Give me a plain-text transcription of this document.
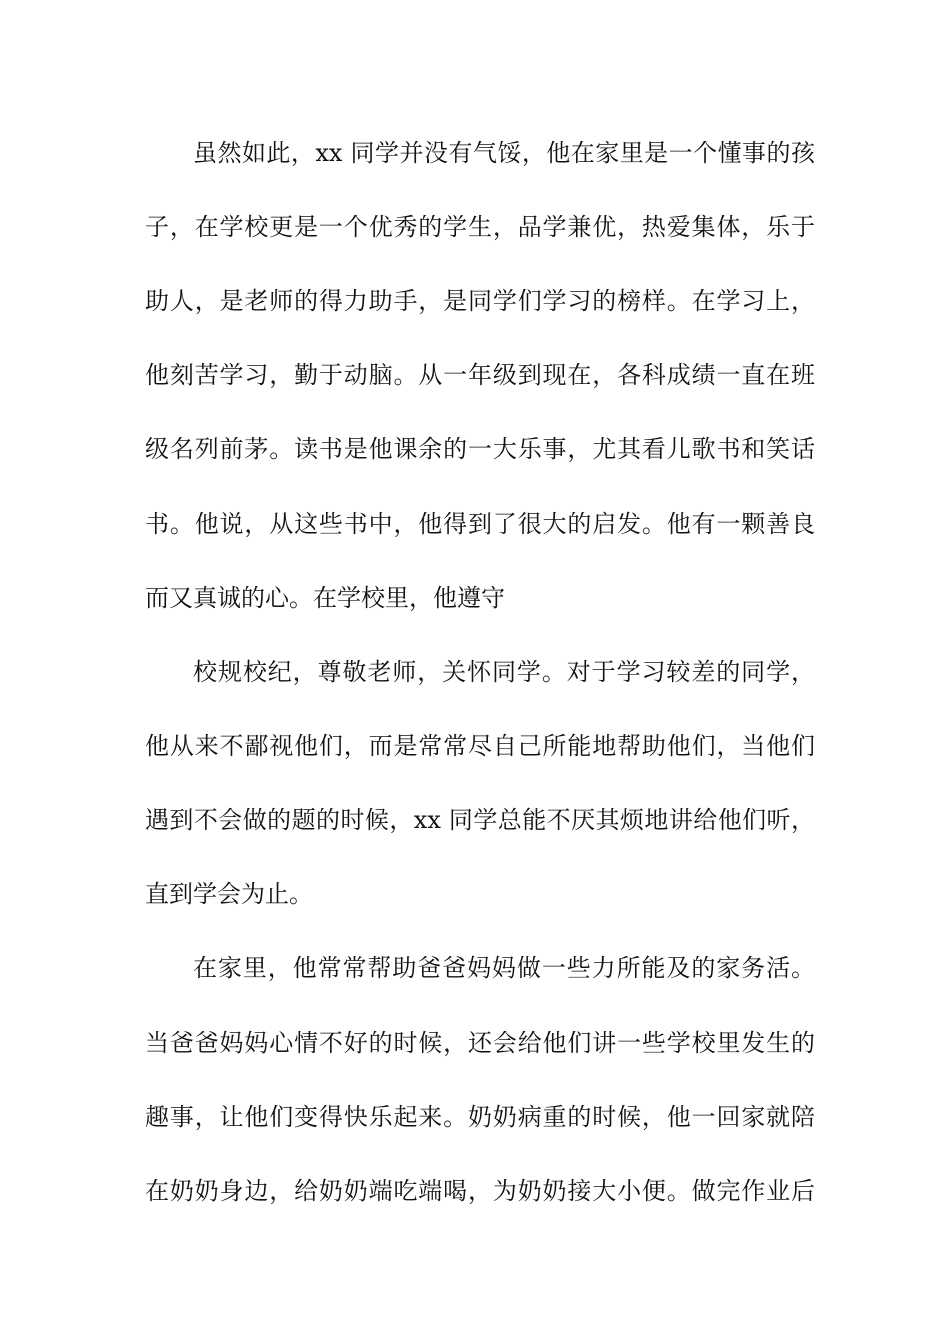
虽然如此，xx 同学并没有气馁，他在家里是一个懂事的孩
子，在学校更是一个优秀的学生，品学兼优，热爱集体，乐于
助人，是老师的得力助手，是同学们学习的榜样。在学习上，
他刻苦学习，勤于动脑。从一年级到现在，各科成绩一直在班
级名列前茅。读书是他课余的一大乐事，尤其看儿歌书和笑话
书。他说，从这些书中，他得到了很大的启发。他有一颗善良
而又真诚的心。在学校里，他遵守
校规校纪，尊敬老师，关怀同学。对于学习较差的同学，
他从来不鄙视他们，而是常常尽自己所能地帮助他们，当他们
遇到不会做的题的时候，xx 同学总能不厌其烦地讲给他们听，
直到学会为止。
在家里，他常常帮助爸爸妈妈做一些力所能及的家务活。
当爸爸妈妈心情不好的时候，还会给他们讲一些学校里发生的
趣事，让他们变得快乐起来。奶奶病重的时候，他一回家就陪
在奶奶身边，给奶奶端吃端喝，为奶奶接大小便。做完作业后
